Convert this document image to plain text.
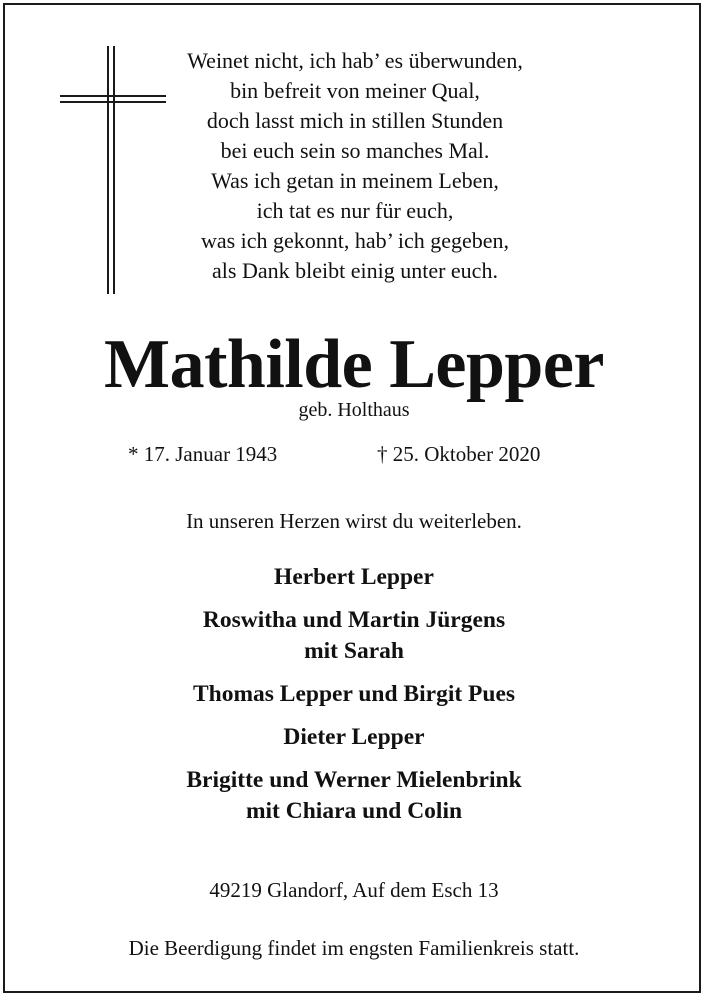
Weinet nicht, ich hab’ es überwunden,
bin befreit von meiner Qual,
doch lasst mich in stillen Stunden
bei euch sein so manches Mal.
Was ich getan in meinem Leben,
ich tat es nur für euch,
was ich gekonnt, hab’ ich gegeben,
als Dank bleibt einig unter euch.
Mathilde Lepper
geb. Holthaus
* 17. Januar 1943	† 25. Oktober 2020
In unseren Herzen wirst du weiterleben.
Herbert Lepper
Roswitha und Martin Jürgens
mit Sarah
Thomas Lepper und Birgit Pues
Dieter Lepper
Brigitte und Werner Mielenbrink
mit Chiara und Colin
49219 Glandorf, Auf dem Esch 13
Die Beerdigung findet im engsten Familienkreis statt.
